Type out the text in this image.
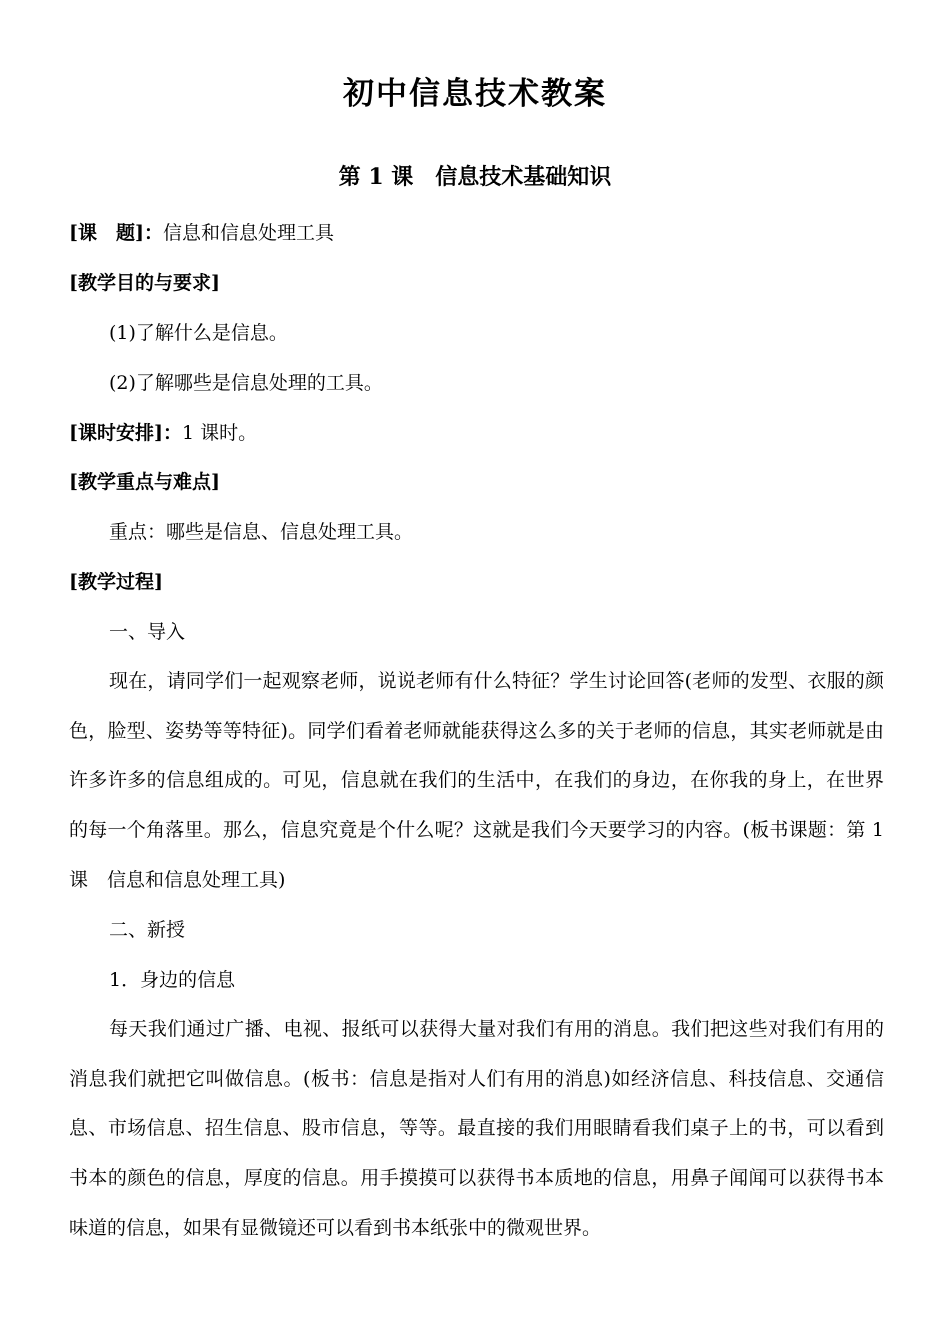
初中信息技术教案
第 1 课　信息技术基础知识
[课　题]：信息和信息处理工具
[教学目的与要求]
(1)了解什么是信息。
(2)了解哪些是信息处理的工具。
[课时安排]：1 课时。
[教学重点与难点]
重点：哪些是信息、信息处理工具。
[教学过程]
一、导入
现在，请同学们一起观察老师，说说老师有什么特征？学生讨论回答(老师的发型、衣服的颜色，脸型、姿势等等特征)。同学们看着老师就能获得这么多的关于老师的信息，其实老师就是由许多许多的信息组成的。可见，信息就在我们的生活中，在我们的身边，在你我的身上，在世界的每一个角落里。那么，信息究竟是个什么呢？这就是我们今天要学习的内容。(板书课题：第 1 课　信息和信息处理工具)
二、新授
1．身边的信息
每天我们通过广播、电视、报纸可以获得大量对我们有用的消息。我们把这些对我们有用的消息我们就把它叫做信息。(板书：信息是指对人们有用的消息)如经济信息、科技信息、交通信息、市场信息、招生信息、股市信息，等等。最直接的我们用眼睛看我们桌子上的书，可以看到书本的颜色的信息，厚度的信息。用手摸摸可以获得书本质地的信息，用鼻子闻闻可以获得书本味道的信息，如果有显微镜还可以看到书本纸张中的微观世界。
